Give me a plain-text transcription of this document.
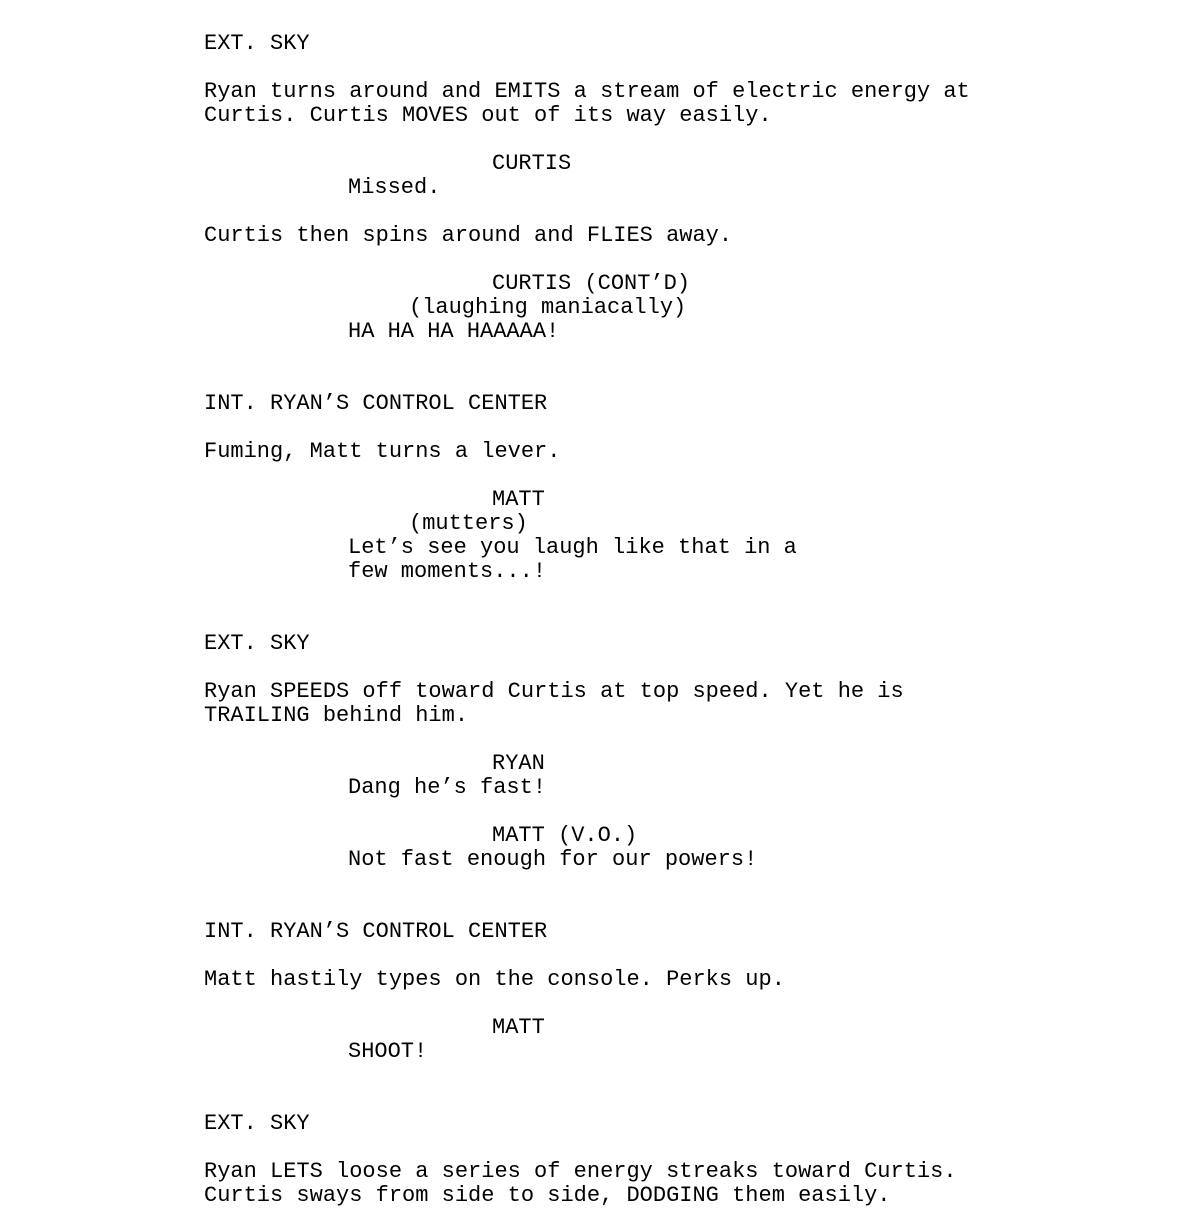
EXT. SKY
Ryan turns around and EMITS a stream of electric energy at
Curtis. Curtis MOVES out of its way easily.
CURTIS
Missed.
Curtis then spins around and FLIES away.
CURTIS (CONT’D)
(laughing maniacally)
HA HA HA HAAAAA!
INT. RYAN’S CONTROL CENTER
Fuming, Matt turns a lever.
MATT
(mutters)
Let’s see you laugh like that in a
few moments...!
EXT. SKY
Ryan SPEEDS off toward Curtis at top speed. Yet he is
TRAILING behind him.
RYAN
Dang he’s fast!
MATT (V.O.)
Not fast enough for our powers!
INT. RYAN’S CONTROL CENTER
Matt hastily types on the console. Perks up.
MATT
SHOOT!
EXT. SKY
Ryan LETS loose a series of energy streaks toward Curtis.
Curtis sways from side to side, DODGING them easily.
